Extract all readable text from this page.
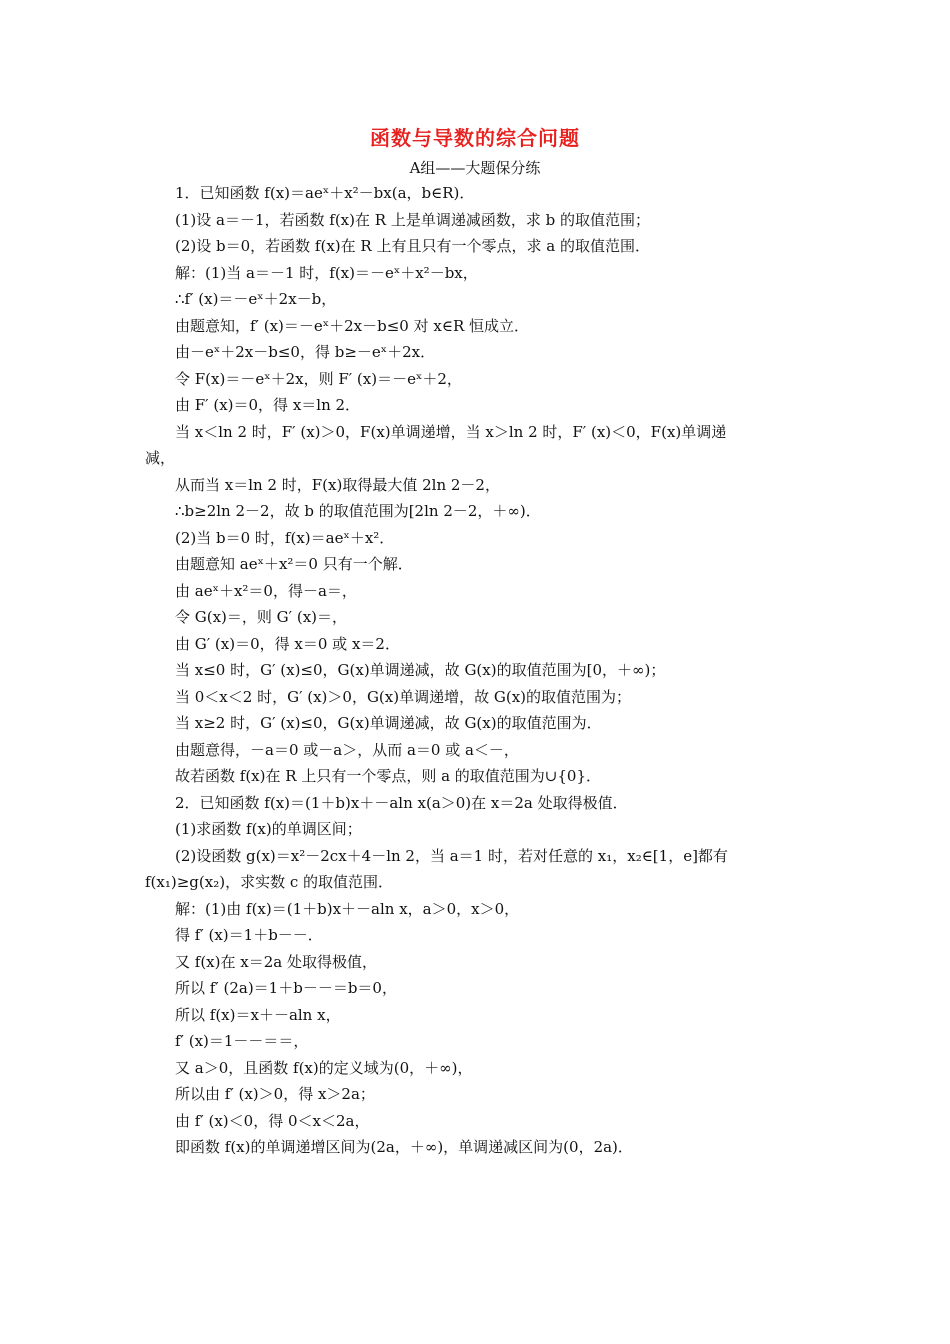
函数与导数的综合问题
A组——大题保分练
1．已知函数 f(x)＝aeˣ＋x²－bx(a，b∈R)．
(1)设 a＝－1，若函数 f(x)在 R 上是单调递减函数，求 b 的取值范围；
(2)设 b＝0，若函数 f(x)在 R 上有且只有一个零点，求 a 的取值范围．
解：(1)当 a＝－1 时，f(x)＝－eˣ＋x²－bx，
∴f′ (x)＝－eˣ＋2x－b，
由题意知，f′ (x)＝－eˣ＋2x－b≤0 对 x∈R 恒成立．
由－eˣ＋2x－b≤0，得 b≥－eˣ＋2x．
令 F(x)＝－eˣ＋2x，则 F′ (x)＝－eˣ＋2，
由 F′ (x)＝0，得 x＝ln 2．
当 x＜ln 2 时，F′ (x)＞0，F(x)单调递增，当 x＞ln 2 时，F′ (x)＜0，F(x)单调递
减，
从而当 x＝ln 2 时，F(x)取得最大值 2ln 2－2，
∴b≥2ln 2－2，故 b 的取值范围为[2ln 2－2，＋∞)．
(2)当 b＝0 时，f(x)＝aeˣ＋x²．
由题意知 aeˣ＋x²＝0 只有一个解．
由 aeˣ＋x²＝0，得－a＝，
令 G(x)＝，则 G′ (x)＝，
由 G′ (x)＝0，得 x＝0 或 x＝2．
当 x≤0 时，G′ (x)≤0，G(x)单调递减，故 G(x)的取值范围为[0，＋∞)；
当 0＜x＜2 时，G′ (x)＞0，G(x)单调递增，故 G(x)的取值范围为；
当 x≥2 时，G′ (x)≤0，G(x)单调递减，故 G(x)的取值范围为．
由题意得，－a＝0 或－a＞，从而 a＝0 或 a＜－，
故若函数 f(x)在 R 上只有一个零点，则 a 的取值范围为∪{0}．
2．已知函数 f(x)＝(1＋b)x＋－aln x(a＞0)在 x＝2a 处取得极值．
(1)求函数 f(x)的单调区间；
(2)设函数 g(x)＝x²－2cx＋4－ln 2，当 a＝1 时，若对任意的 x₁，x₂∈[1，e]都有
f(x₁)≥g(x₂)，求实数 c 的取值范围．
解：(1)由 f(x)＝(1＋b)x＋－aln x，a＞0，x＞0，
得 f′ (x)＝1＋b－－．
又 f(x)在 x＝2a 处取得极值，
所以 f′ (2a)＝1＋b－－＝b＝0，
所以 f(x)＝x＋－aln x，
f′ (x)＝1－－＝＝，
又 a＞0，且函数 f(x)的定义域为(0，＋∞)，
所以由 f′ (x)＞0，得 x＞2a；
由 f′ (x)＜0，得 0＜x＜2a，
即函数 f(x)的单调递增区间为(2a，＋∞)，单调递减区间为(0，2a)．
